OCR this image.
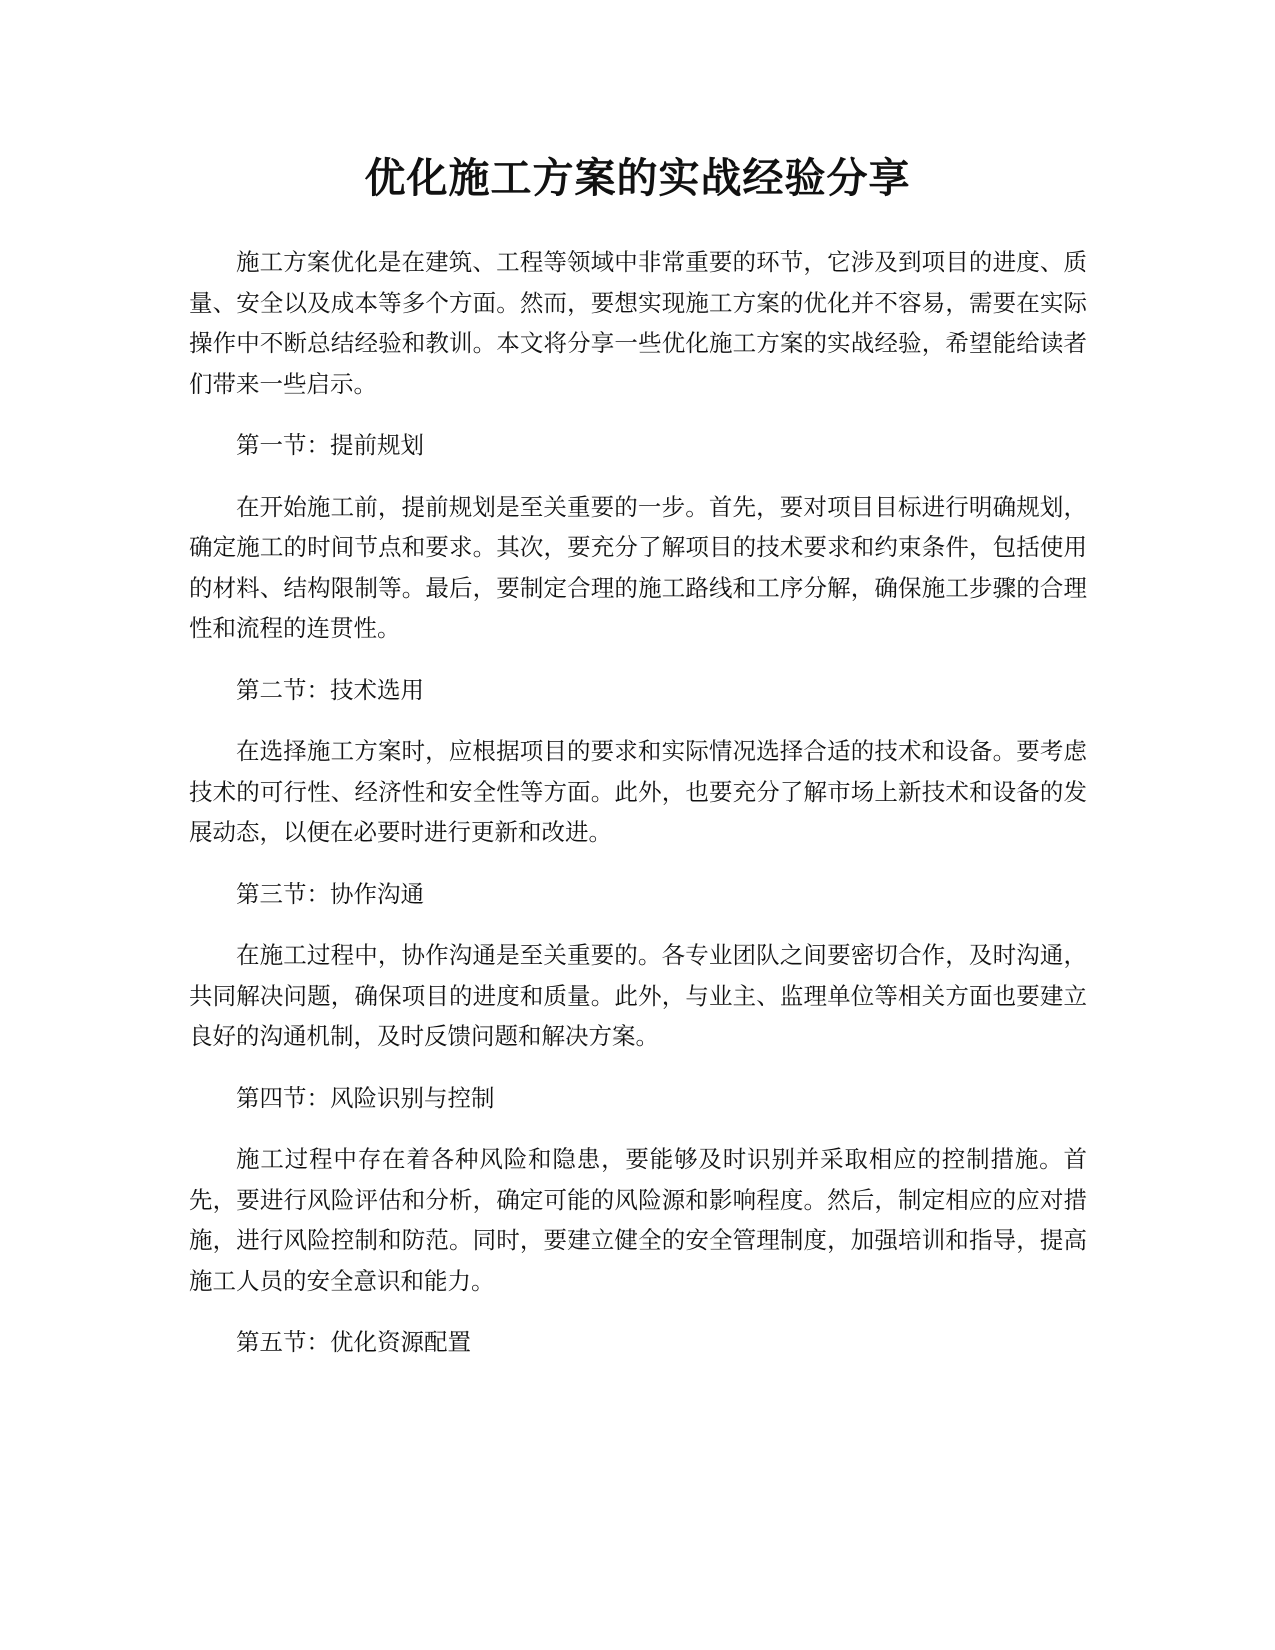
优化施工方案的实战经验分享

施工方案优化是在建筑、工程等领域中非常重要的环节，它涉及到项目的进度、质量、安全以及成本等多个方面。然而，要想实现施工方案的优化并不容易，需要在实际操作中不断总结经验和教训。本文将分享一些优化施工方案的实战经验，希望能给读者们带来一些启示。

第一节：提前规划

在开始施工前，提前规划是至关重要的一步。首先，要对项目目标进行明确规划，确定施工的时间节点和要求。其次，要充分了解项目的技术要求和约束条件，包括使用的材料、结构限制等。最后，要制定合理的施工路线和工序分解，确保施工步骤的合理性和流程的连贯性。

第二节：技术选用

在选择施工方案时，应根据项目的要求和实际情况选择合适的技术和设备。要考虑技术的可行性、经济性和安全性等方面。此外，也要充分了解市场上新技术和设备的发展动态，以便在必要时进行更新和改进。

第三节：协作沟通

在施工过程中，协作沟通是至关重要的。各专业团队之间要密切合作，及时沟通，共同解决问题，确保项目的进度和质量。此外，与业主、监理单位等相关方面也要建立良好的沟通机制，及时反馈问题和解决方案。

第四节：风险识别与控制

施工过程中存在着各种风险和隐患，要能够及时识别并采取相应的控制措施。首先，要进行风险评估和分析，确定可能的风险源和影响程度。然后，制定相应的应对措施，进行风险控制和防范。同时，要建立健全的安全管理制度，加强培训和指导，提高施工人员的安全意识和能力。

第五节：优化资源配置
